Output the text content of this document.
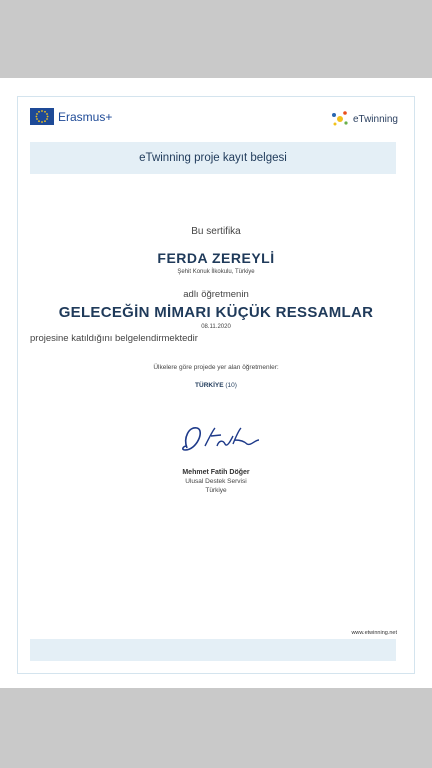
Erasmus+	eTwinning
eTwinning proje kayıt belgesi
Bu sertifika
FERDA ZEREYLİ
Şehit Konuk İlkokulu, Türkiye
adlı öğretmenin
GELECEĞİN MİMARI KÜÇÜK RESSAMLAR
08.11.2020
projesine katıldığını belgelendirmektedir
Ülkelere göre projede yer alan öğretmenler:
TÜRKİYE (10)
Mehmet Fatih Döğer
Ulusal Destek Servisi
Türkiye
www.etwinning.net
